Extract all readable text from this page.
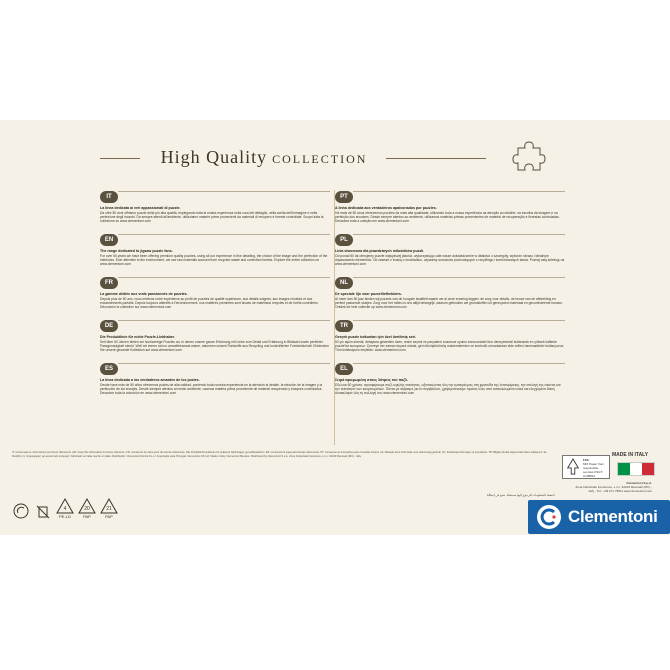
High Quality COLLECTION
IT
La linea dedicata ai veri appassionati di puzzle.
Da oltre 50 anni offriamo puzzle della più alta qualità, impiegando tutta la nostra esperienza nella cura del dettaglio, nella scelta dell'immagine e nella perfezione degli incastri. Da sempre attenti all'ambiente, utilizziamo materie prime provenienti da materiali di recupero e foreste controllate. Scopri tutta la collezione su www.clementoni.com
EN
The range dedicated to jigsaw puzzle fans.
For over 50 years we have been offering premium quality puzzles, using all our experience in fine detailing, the choice of the image and the perfection of the interlocks. Ever attentive to the environment, we use raw materials sourced from recycled waste and controlled forests. Explore the entire collection on www.clementoni.com
FR
La gamme dédiée aux vrais passionnés de puzzles.
Depuis plus de 50 ans, nous mettons notre expérience au profit de puzzles de qualité supérieure, aux détails soignés, aux images choisies et aux encastrements parfaits. Depuis toujours attentifs à l'environnement, nos matières premières sont issues de matériaux recyclés et de forêts contrôlées. Découvrez la collection sur www.clementoni.com
DE
Die Produktlinie für echte Puzzle-Liebhaber.
Seit über 50 Jahren bieten wir hochwertige Puzzles an, in denen unsere ganze Erfahrung mit Liebe zum Detail und Erfahrung in Bildwahl sowie perfekter Passgenauigkeit steckt. Weil wir immer schon umweltbewusst waren, stammen unsere Rohstoffe aus Recycling und kontrollierten Forstwirtschaft. Entdecken Sie unsere gesamte Kollektion auf www.clementoni.com
ES
La línea dedicada a los verdaderos amantes de los puzles.
Desde hace más de 50 años ofrecemos puzles de alta calidad, poniendo toda nuestra experiencia en la atención al detalle, la elección de la imagen y la perfección de los encajes. Desde siempre atentos al medio ambiente, usamos materia prima procedente de material recuperado y bosques controlados. Descubre toda la colección en www.clementoni.com
PT
A linha dedicada aos verdadeiros apaixonados por puzzles.
Há mais de 50 anos oferecemos puzzles da mais alta qualidade, utilizando toda a nossa experiência na atenção ao detalhe, na escolha da imagem e na perfeição dos encaixes. Desde sempre atentos ao ambiente, utilizamos matérias-primas provenientes de material de recuperação e florestas controladas. Descubra toda a coleção em www.clementoni.com
PL
Linia stworzona dla prawdziwych miłośników puzzli.
Od ponad 50 lat oferujemy puzzle najwyższej jakości, wykorzystując całe nasze doświadczenie w dbałości o szczegóły, wyborze obrazu i idealnym dopasowaniu elementów. Od zawsze z troską o środowisko, używamy surowców pochodzących z recyklingu i kontrolowanych lasów. Poznaj całą kolekcję na www.clementoni.com
NL
De speciale lijn voor puzzelliefhebbers.
Al meer dan 50 jaar bieden wij puzzels van de hoogste kwaliteit waarin we al onze ervaring leggen: de zorg voor details, de keuze van de afbeelding en perfect passende stukjes. Zorg voor het milieu is ons altijd belangrijk, daarom gebruiken we grondstoffen uit gerecycled materiaal en gecontroleerde bossen. Ontdek de hele collectie op www.clementoni.com
TR
Gerçek puzzle tutkunları için özel üretilmiş seri.
50 yılı aşkın süredir, detaylara gösterilen özen, resim seçimi ve parçaların kusursuz uyumu konusundaki tüm deneyimimizi kullanarak en yüksek kalitede puzzle'lar sunuyoruz. Çevreye her zaman duyarlı olarak, geri dönüştürülmüş malzemelerden ve kontrollü ormanlardan elde edilen hammaddeler kullanıyoruz. Tüm koleksiyonu keşfedin: www.clementoni.com
EL
Σειρά αφιερωμένη στους λάτρεις του παζλ.
Εδώ και 50 χρόνια, προσφέρουμε παζλ υψηλής ποιότητας, αξιοποιώντας όλη την εμπειρία μας στη φροντίδα της λεπτομέρειας, την επιλογή της εικόνας και την τελειότητα των κουμπωμάτων. Πάντα με σεβασμό για το περιβάλλον, χρησιμοποιούμε πρώτες ύλες από ανακυκλωμένα υλικά και ελεγχόμενα δάση. Ανακαλύψτε όλη τη συλλογή στο www.clementoni.com
IT: Conservare le informazioni per futuro riferimento. EN: Keep this information for future reference. FR: Conserver la notice pour de futures références. DE: Produktinformationen für späteres Nachfragen gut aufbewahren. ES: Conservar la caja para futuras referencias. PT: Conservar as instruções para consultas futuras. NL: Bewaar deze informatie voor toekomstig gebruik. PL: Zachowaj informacje na przyszłość. TR: Bilgileri ileride başvurmak üzere saklayınız. EL: Φυλάξτε τις πληροφορίες για μελλοντική αναφορά. Fabricado en Italia. Hecho en Italia. Distribuidor: Clementoni Ibérica S.L.U. Importador para Portugal. Clementoni UK Ltd. Made in Italy. Clementoni Benelux. Distributed by Clementoni S.p.A. Zona Industriale Fontenoce, s.n.c. 62019 Recanati (MC) - Italy.
احتفظ بالمعلومات للرجوع إليها مستقبلا. صنع في إيطاليا
4
PE-LD
20
PAP
21
PAP
FSC
MIX Paper from responsible sources FSC® C108812
MADE IN ITALY
Clementoni S.p.A.
Zona Industriale Fontenoce, s.n.c. 62019 Recanati (MC) - Italy - Tel.: +39 071 75811 www.clementoni.com
Clementoni
